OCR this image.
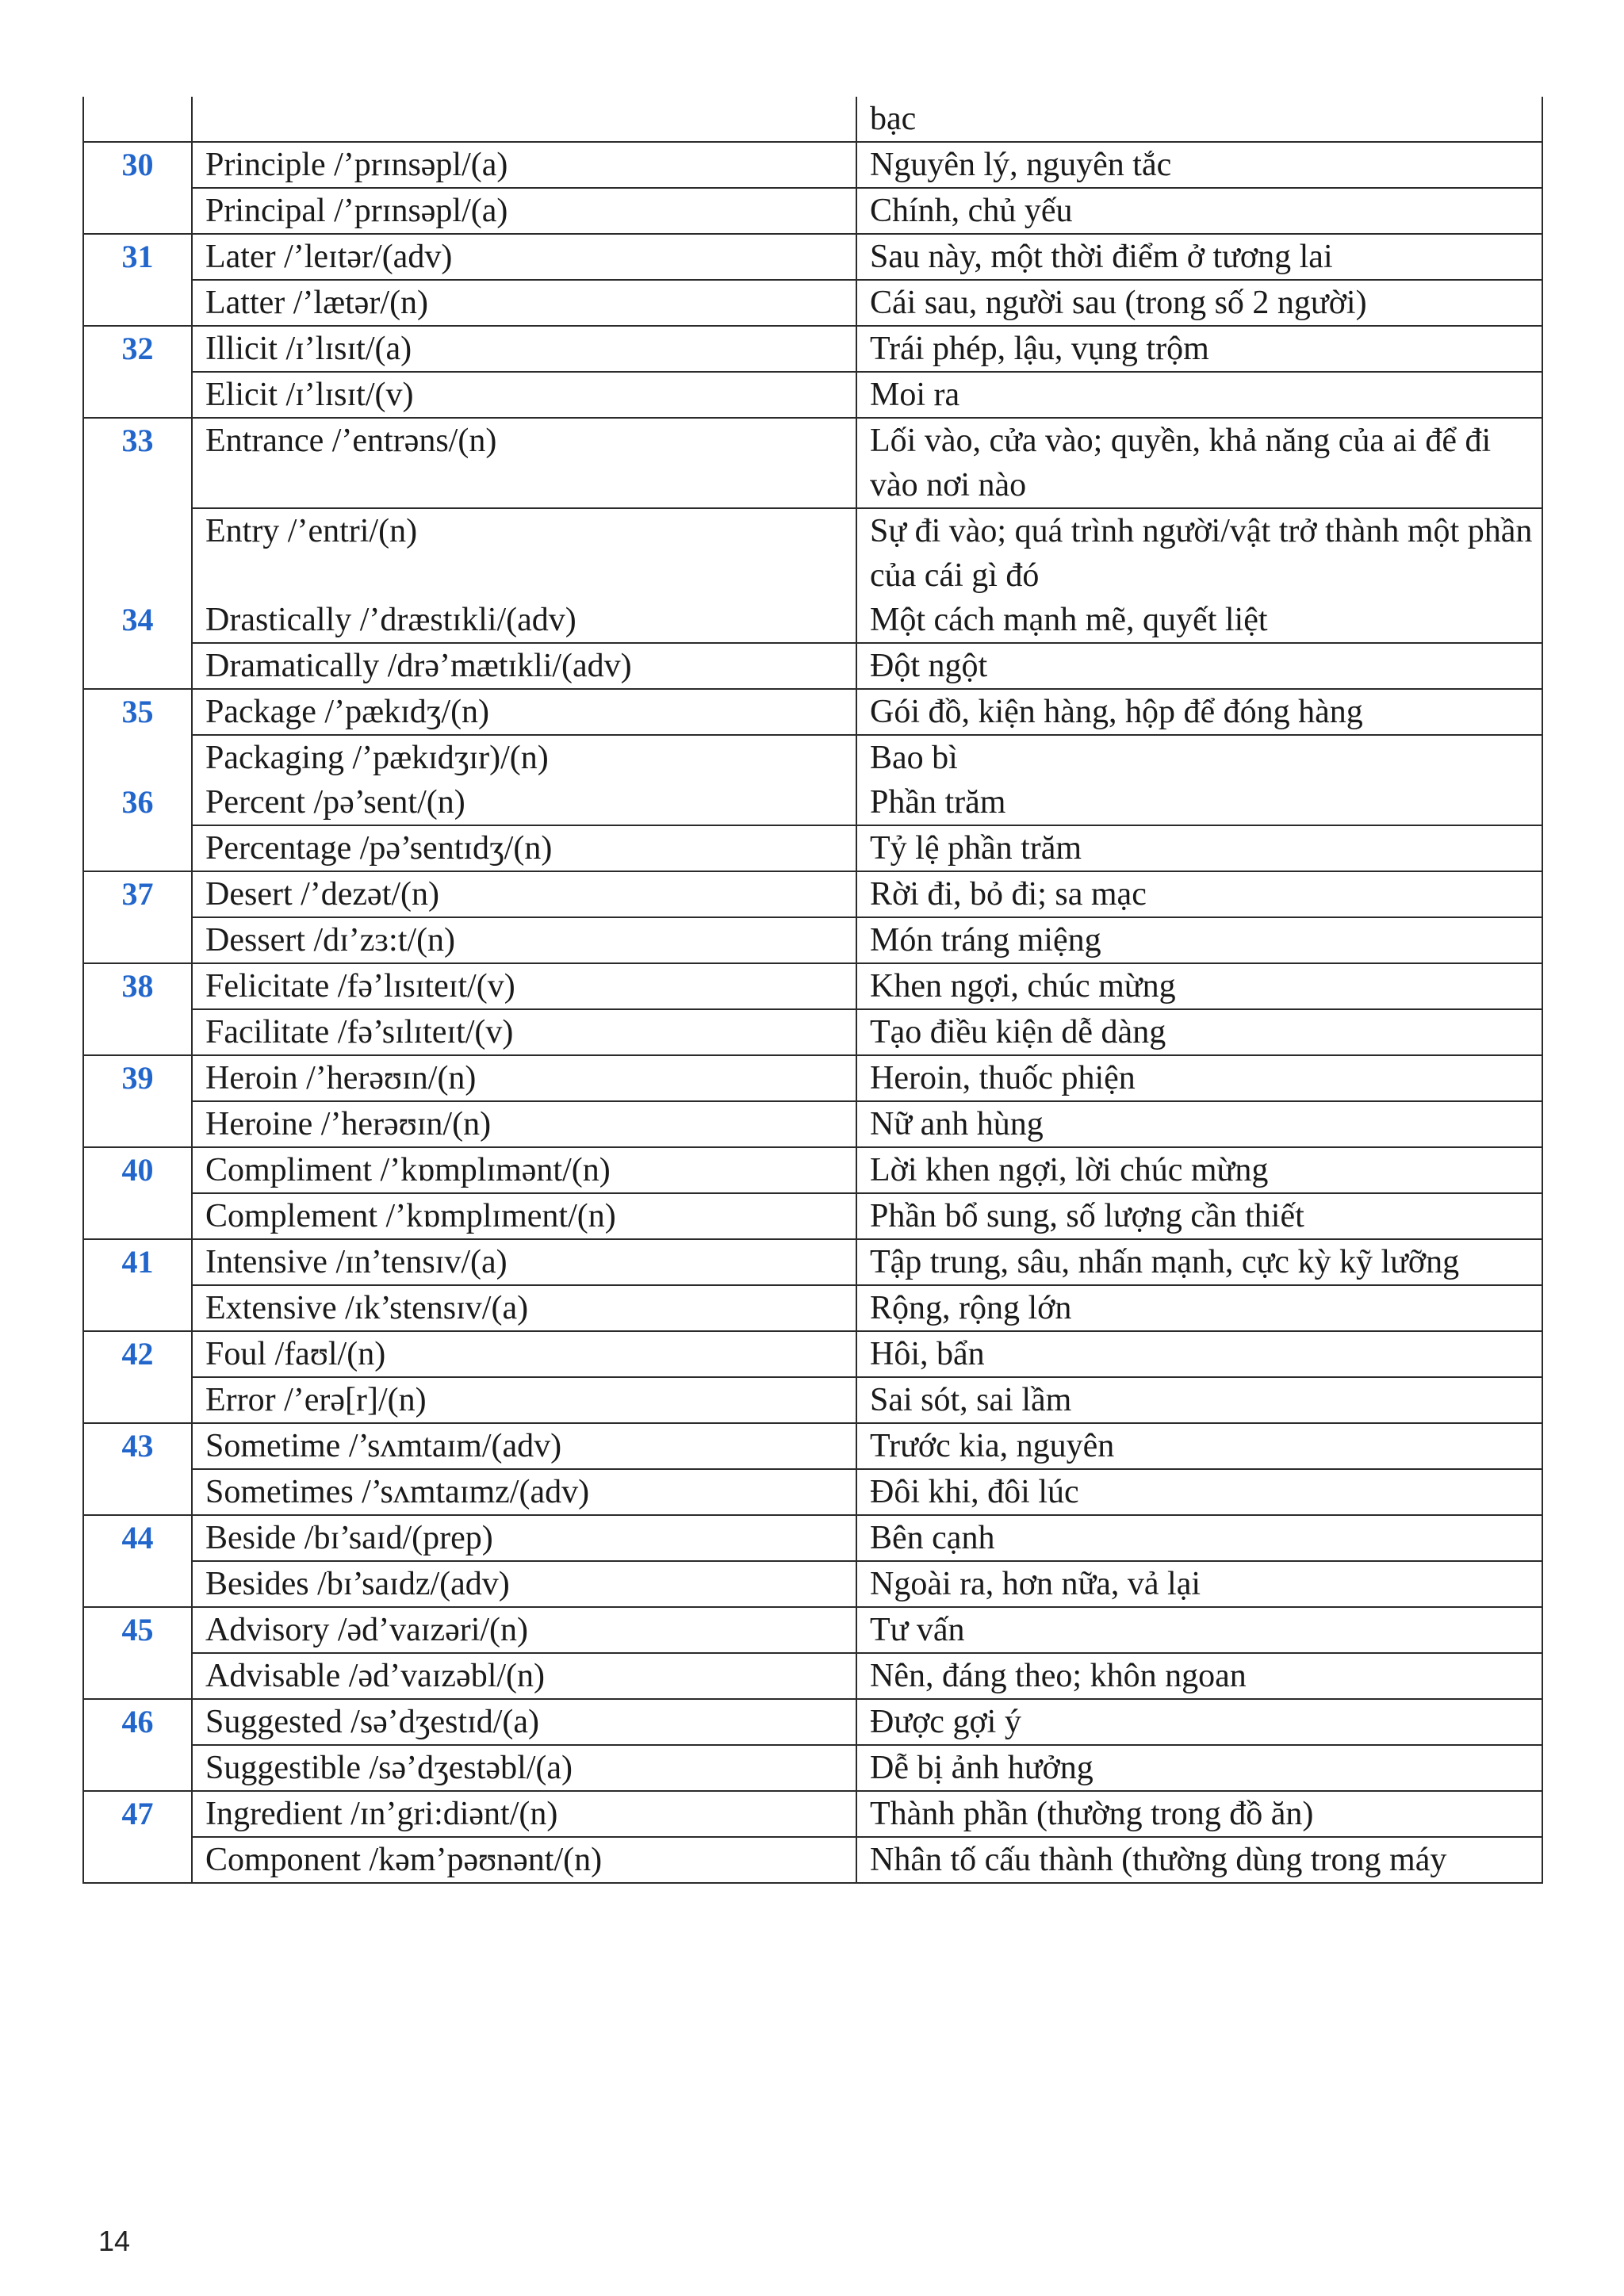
		bạc
30	Principle /’prɪnsəpl/(a)	Nguyên lý, nguyên tắc
	Principal /’prɪnsəpl/(a)	Chính, chủ yếu
31	Later /’leɪtər/(adv)	Sau này, một thời điểm ở tương lai
	Latter /’lætər/(n)	Cái sau, người sau (trong số 2 người)
32	Illicit /ɪ’lɪsɪt/(a)	Trái phép, lậu, vụng trộm
	Elicit /ɪ’lɪsɪt/(v)	Moi ra
33	Entrance /’entrəns/(n)	Lối vào, cửa vào; quyền, khả năng của ai để đi vào nơi nào
	Entry /’entri/(n)	Sự đi vào; quá trình người/vật trở thành một phần của cái gì đó
34	Drastically /’dræstɪkli/(adv)	Một cách mạnh mẽ, quyết liệt
	Dramatically /drə’mætɪkli/(adv)	Đột ngột
35	Package /’pækɪdʒ/(n)	Gói đồ, kiện hàng, hộp để đóng hàng
	Packaging /’pækɪdʒɪr)/(n)	Bao bì
36	Percent /pə’sent/(n)	Phần trăm
	Percentage /pə’sentɪdʒ/(n)	Tỷ lệ phần trăm
37	Desert /’dezət/(n)	Rời đi, bỏ đi; sa mạc
	Dessert /dɪ’zɜ:t/(n)	Món tráng miệng
38	Felicitate /fə’lɪsɪteɪt/(v)	Khen ngợi, chúc mừng
	Facilitate /fə’sɪlɪteɪt/(v)	Tạo điều kiện dễ dàng
39	Heroin /’herəʊɪn/(n)	Heroin, thuốc phiện
	Heroine /’herəʊɪn/(n)	Nữ anh hùng
40	Compliment /’kɒmplɪmənt/(n)	Lời khen ngợi, lời chúc mừng
	Complement /’kɒmplɪment/(n)	Phần bổ sung, số lượng cần thiết
41	Intensive /ɪn’tensɪv/(a)	Tập trung, sâu, nhấn mạnh, cực kỳ kỹ lưỡng
	Extensive /ɪk’stensɪv/(a)	Rộng, rộng lớn
42	Foul /faʊl/(n)	Hôi, bẩn
	Error /’erə[r]/(n)	Sai sót, sai lầm
43	Sometime /’sʌmtaɪm/(adv)	Trước kia, nguyên
	Sometimes /’sʌmtaɪmz/(adv)	Đôi khi, đôi lúc
44	Beside /bɪ’saɪd/(prep)	Bên cạnh
	Besides /bɪ’saɪdz/(adv)	Ngoài ra, hơn nữa, vả lại
45	Advisory /əd’vaɪzəri/(n)	Tư vấn
	Advisable /əd’vaɪzəbl/(n)	Nên, đáng theo; khôn ngoan
46	Suggested /sə’dʒestɪd/(a)	Được gợi ý
	Suggestible /sə’dʒestəbl/(a)	Dễ bị ảnh hưởng
47	Ingredient /ɪn’gri:diənt/(n)	Thành phần (thường trong đồ ăn)
	Component /kəm’pəʊnənt/(n)	Nhân tố cấu thành (thường dùng trong máy
14
